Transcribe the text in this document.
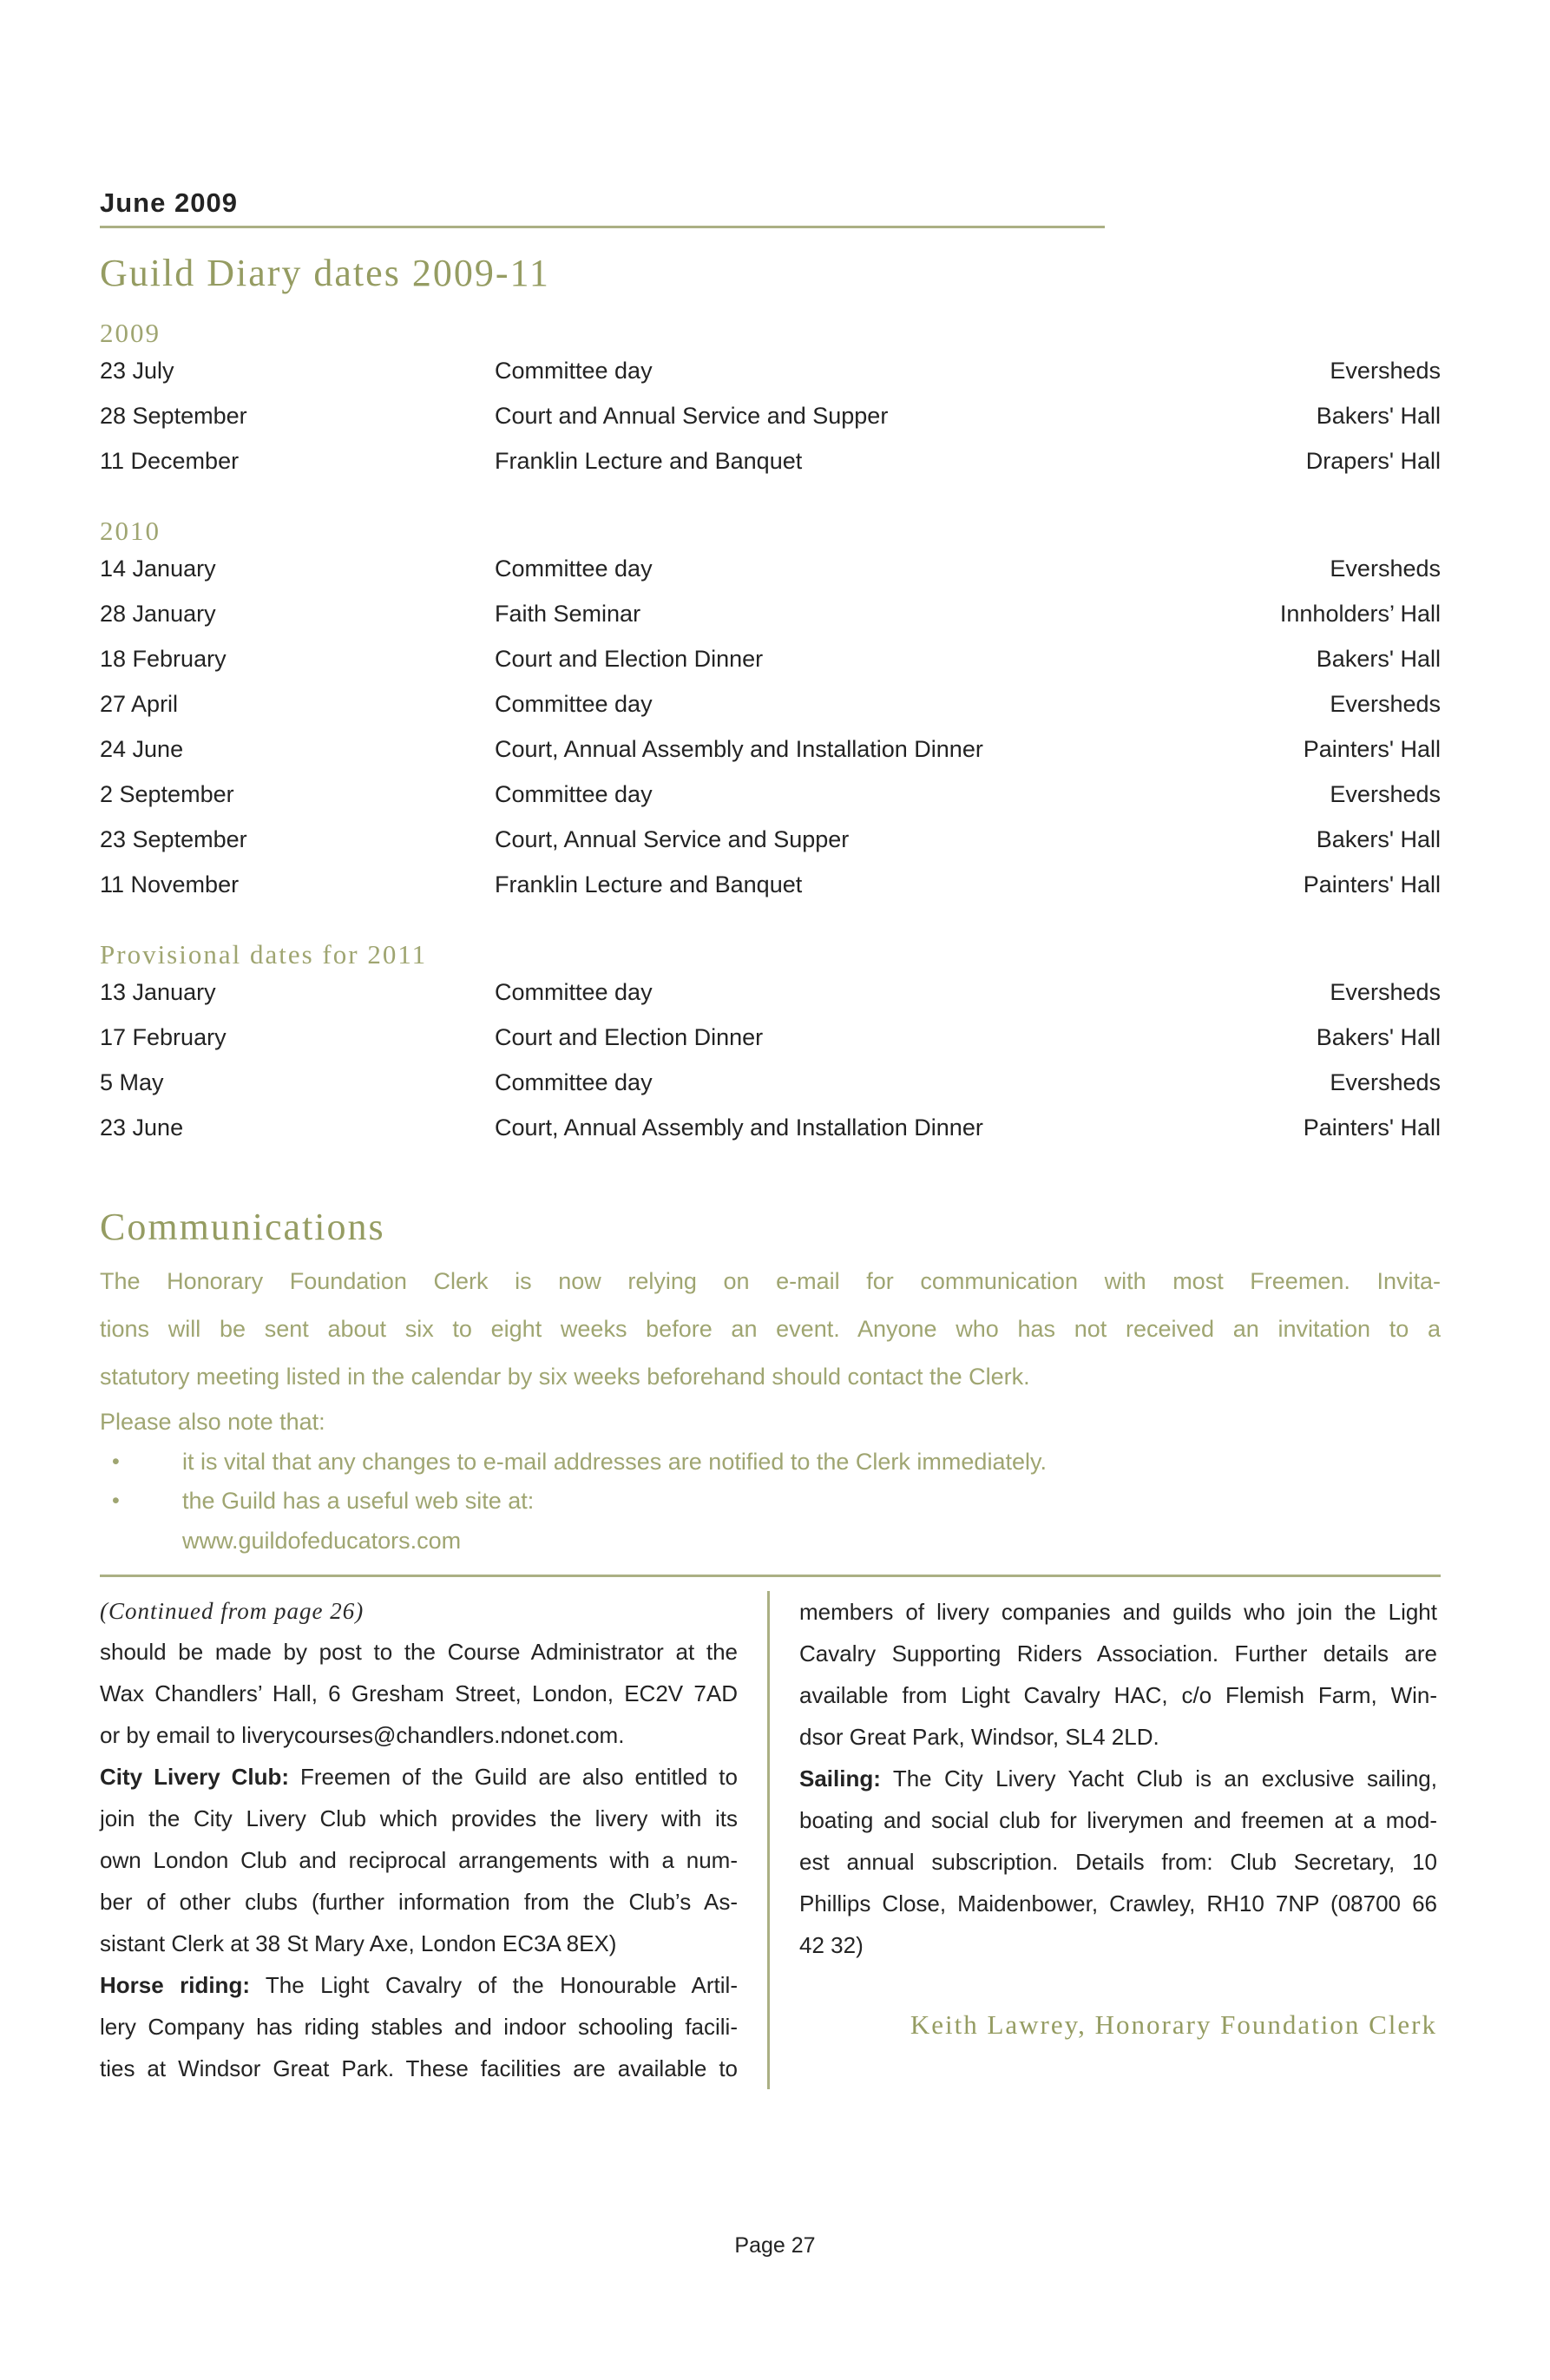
June 2009
Guild Diary dates 2009-11
2009
23 July	Committee day	Eversheds
28 September	Court and Annual Service and Supper	Bakers' Hall
11 December	Franklin Lecture and Banquet	Drapers' Hall
2010
14 January	Committee day	Eversheds
28 January	Faith Seminar	Innholders’ Hall
18 February	Court and Election Dinner	Bakers' Hall
27 April	Committee day	Eversheds
24 June	Court, Annual Assembly and Installation Dinner	Painters' Hall
2 September	Committee day	Eversheds
23 September	Court, Annual Service and Supper	Bakers' Hall
11 November	Franklin Lecture and Banquet	Painters' Hall
Provisional dates for 2011
13 January	Committee day	Eversheds
17 February	Court and Election Dinner	Bakers' Hall
5 May	Committee day	Eversheds
23 June	Court, Annual Assembly and Installation Dinner	Painters' Hall
Communications
The Honorary Foundation Clerk is now relying on e-mail for communication with most Freemen. Invita-
tions will be sent about six to eight weeks before an event. Anyone who has not received an invitation to a
statutory meeting listed in the calendar by six weeks beforehand should contact the Clerk.
Please also note that:
•	it is vital that any changes to e-mail addresses are notified to the Clerk immediately.
•	the Guild has a useful web site at:
www.guildofeducators.com
(Continued from page 26)
should be made by post to the Course Administrator at the
Wax Chandlers’ Hall, 6 Gresham Street, London, EC2V 7AD
or by email to liverycourses@chandlers.ndonet.com.
City Livery Club: Freemen of the Guild are also entitled to
join the City Livery Club which provides the livery with its
own London Club and reciprocal arrangements with a num-
ber of other clubs (further information from the Club’s As-
sistant Clerk at 38 St Mary Axe, London EC3A 8EX)
Horse riding: The Light Cavalry of the Honourable Artil-
lery Company has riding stables and indoor schooling facili-
ties at Windsor Great Park. These facilities are available to
members of livery companies and guilds who join the Light
Cavalry Supporting Riders Association. Further details are
available from Light Cavalry HAC, c/o Flemish Farm, Win-
dsor Great Park, Windsor, SL4 2LD.
Sailing: The City Livery Yacht Club is an exclusive sailing,
boating and social club for liverymen and freemen at a mod-
est annual subscription. Details from: Club Secretary, 10
Phillips Close, Maidenbower, Crawley, RH10 7NP (08700 66
42 32)
Keith Lawrey, Honorary Foundation Clerk
Page 27
